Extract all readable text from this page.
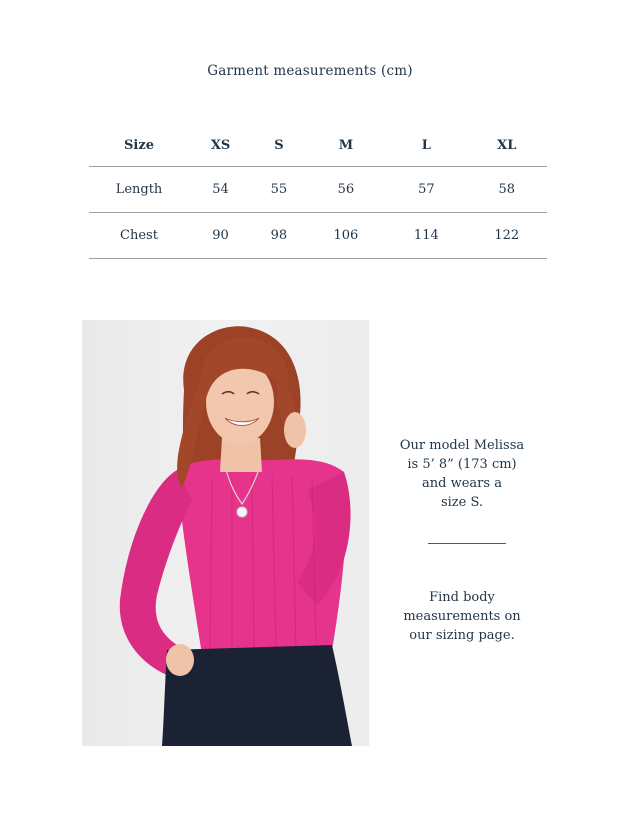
Garment measurements (cm)
Size	XS	S	M	L	XL
Length	54	55	56	57	58
Chest	90	98	106	114	122
Our model Melissa
is 5’ 8” (173 cm)
and wears a
size S.
Find body
measurements on
our sizing page.
